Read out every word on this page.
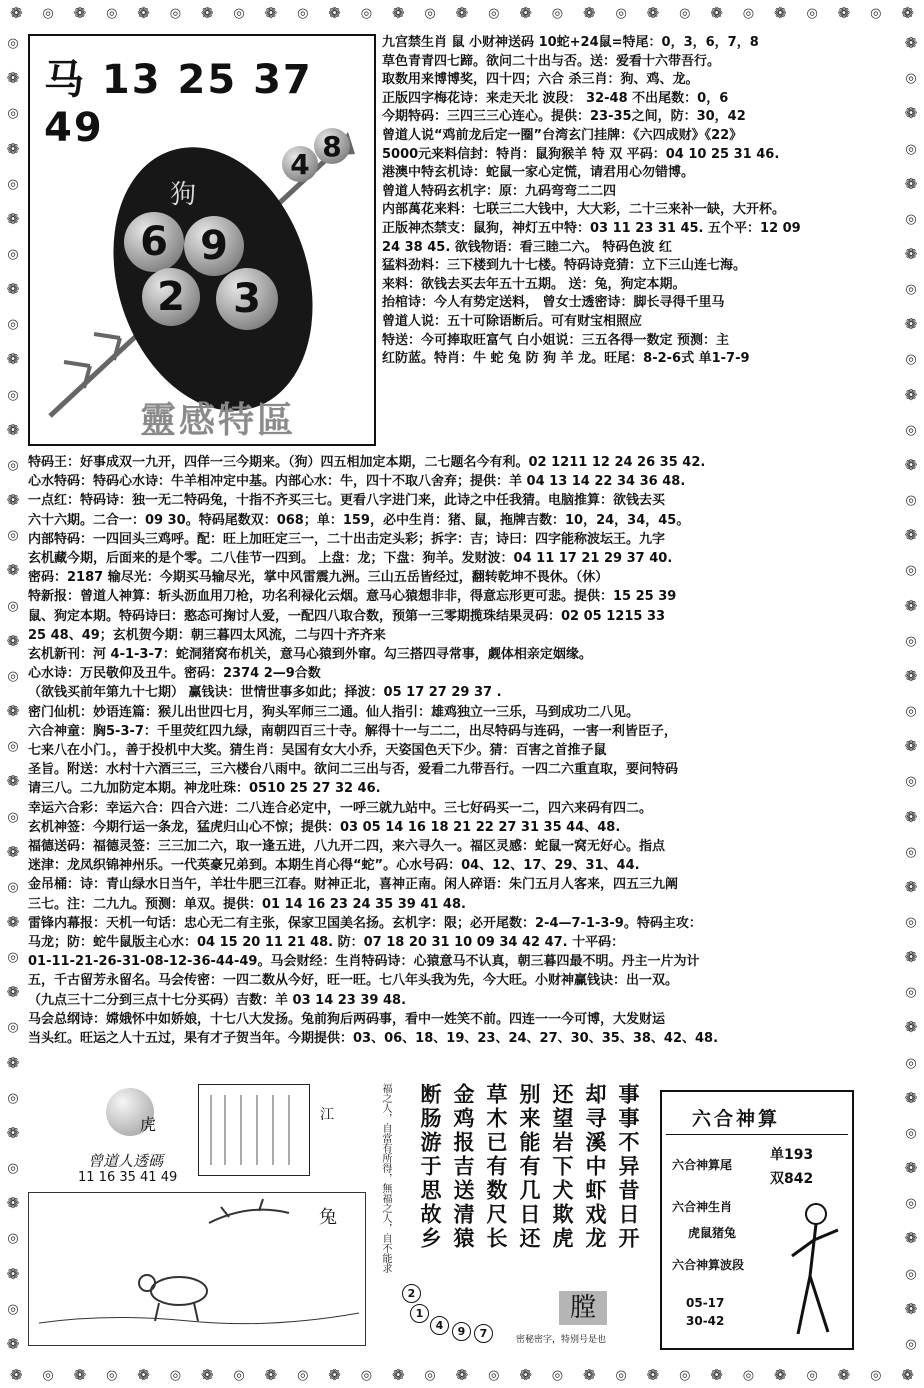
❁ ◎ ❁ ◎ ❁ ◎ ❁ ◎ ❁ ◎ ❁ ◎ ❁ ◎ ❁ ◎ ❁ ◎ ❁ ◎ ❁ ◎ ❁ ◎ ❁ ◎ ❁ ◎ ❁
❁ ◎ ❁ ◎ ❁ ◎ ❁ ◎ ❁ ◎ ❁ ◎ ❁ ◎ ❁ ◎ ❁ ◎ ❁ ◎ ❁ ◎ ❁ ◎ ❁ ◎ ❁ ◎ ❁
◎
❁
◎
❁
◎
❁
◎
❁
◎
❁
◎
❁
◎
❁
◎
❁
◎
❁
◎
❁
◎
❁
◎
❁
◎
❁
◎
❁
◎
❁
◎
❁
◎
❁
◎
❁
◎
❁
❁
◎
❁
◎
❁
◎
❁
◎
❁
◎
❁
◎
❁
◎
❁
◎
❁
◎
❁
◎
❁
◎
❁
◎
❁
◎
❁
◎
❁
◎
❁
◎
❁
◎
❁
◎
❁
◎
马 13 25 37 49
狗
6 9
2	3
4
8
靈感特區
九宫禁生肖 鼠 小财神送码 10蛇+24鼠=特尾：0，3，6，7，8
草色青青四七蹄。欲问二十出与否。送：爱看十六带吾行。
取数用来博博奖，四十四；六合 杀三肖：狗、鸡、龙。
正版四字梅花诗：来走天北 波段： 32-48 不出尾数：0，6
今期特码：三四三三心连心。提供：23-35之间，防：30，42
曾道人说“鸡前龙后定一圈”台湾玄门挂牌：《六四成财》《22》
5000元来料信封：特肖：鼠狗猴羊 特 双 平码：04 10 25 31 46.
港澳中特玄机诗：蛇鼠一家心定慌，请君用心勿错博。
曾道人特码玄机字：原：九码弯弯二二四
内部萬花来料：七联三二大钱中，大大彩，二十三来补一缺，大开杯。
正版神杰禁支：鼠狗，神灯五中特：03 11 23 31 45. 五个平：12 09
24 38 45. 欲钱物语：看三睦二六。 特码色波 红
猛料劲料：三下楼到九十七楼。特码诗竞猜：立下三山连七海。
来料：欲钱去买去年五十五期。 送：兔，狗定本期。
抬棺诗：今人有势定送料， 曾女士透密诗：脚长寻得千里马
曾道人说：五十可除语断后。可有财宝相照应
特送：今可捧取旺富气 白小姐说：三五各得一数定 预测：主
红防蓝。特肖：牛 蛇 兔 防 狗 羊 龙。旺尾：8-2-6式 单1-7-9
特码王：好事成双一九开，四佯一三今期来。（狗）四五相加定本期，二七题名今有利。02 1211 12 24 26 35 42.
心水特码：特码心水诗：牛羊相冲定中基。内部心水：牛，四十不取八舍弃；提供：羊 04 13 14 22 34 36 48.
一点红：特码诗：独一无二特码兔，十指不齐买三七。更看八字进门来，此诗之中任我猜。电脑推算：欲钱去买
六十六期。二合一：09 30。特码尾数双：068；单：159，必中生肖：猪、鼠，拖牌吉数：10，24，34，45。
内部特码：一四回头三鸡呼。配：旺上加旺定三一，二十出击定头彩；拆字：吉；诗曰：四字能称波坛王。九字
玄机藏今期，后面来的是个零。二八佳节一四到。 上盘：龙；下盘：狗羊。发财波：04 11 17 21 29 37 40.
密码：2187 输尽光：今期买马输尽光，掌中风雷震九洲。三山五岳皆经过，翻转乾坤不畏休。（休）
特新报：曾道人神算：斩头沥血用刀枪，功名利禄化云烟。意马心猿想非非，得意忘形更可悲。提供：15 25 39
鼠、狗定本期。特码诗曰：憨态可掬讨人爱，一配四八取合数，预第一三零期揽珠结果灵码：02 05 1215 33
25 48、49；玄机贺今期：朝三暮四太风流，二与四十齐齐来
玄机新刊：河 4-1-3-7：蛇洞猪窝布机关，意马心猿到外窜。勾三搭四寻常事，觑体相亲定姻缘。
心水诗：万民敬仰及丑牛。密码：2374 2—9合数
（欲钱买前年第九十七期） 赢钱诀：世情世事多如此；择波：05 17 27 29 37 .
密门仙机：妙语连篇：猴儿出世四七月，狗头军师三二通。仙人指引：雄鸡独立一三乐，马到成功二八见。
六合神童：胸5-3-7：千里荧红四九绿，南朝四百三十寺。解得十一与二二，出尽特码与连码，一害一利皆臣子，
七来八在小门。，善于投机中大奖。猜生肖：吴国有女大小乔，天姿国色天下少。猜：百害之首推子鼠
圣旨。附送：水村十六酒三三，三六楼台八雨中。欲问二三出与否，爱看二九带吾行。一四二六重直取，要问特码
请三八。二九加防定本期。神龙吐珠：0510 25 27 32 46.
幸运六合彩：幸运六合：四合六进：二八连合必定中，一呼三就九站中。三七好码买一二，四六来码有四二。
玄机神签：今期行运一条龙，猛虎归山心不惊；提供：03 05 14 16 18 21 22 27 31 35 44、48.
福德送码：福德灵签：三三加二六，取一逢五进，八九开二四，来六寻久一。福区灵感：蛇鼠一窝无好心。指点
迷津：龙凤织锦神州乐。一代英豪兄弟到。本期生肖心得“蛇”。心水号码：04、12、17、29、31、44.
金吊桶：诗：青山绿水日当午，羊壮牛肥三江春。财神正北，喜神正南。闲人碎语：朱门五月人客来，四五三九阐
三七。注：二九九。预测：单双。提供：01 14 16 23 24 35 39 41 48.
雷锋内幕报：天机一句话：忠心无二有主张，保家卫国美名扬。玄机字：限；必开尾数：2-4—7-1-3-9。特码主攻：
马龙；防：蛇牛鼠版主心水：04 15 20 11 21 48. 防：07 18 20 31 10 09 34 42 47. 十平码：
01-11-21-26-31-08-12-36-44-49。马会财经：生肖特码诗：心猿意马不认真，朝三暮四最不明。丹主一片为计
五，千古留芳永留名。马会传密：一四二数从今好，旺一旺。七八年头我为先，今大旺。小财神赢钱诀：出一双。
（九点三十二分到三点十七分买码）吉数：羊 03 14 23 39 48.
马会总纲诗：嫦娥怀中如娇娘，十七八大发扬。兔前狗后两码事，看中一姓笑不前。四连一一今可博，大发财运
当头红。旺运之人十五过，果有才子贺当年。今期提供：03、06、18、19、23、24、27、30、35、38、42、48.
虎
曾道人透碼
11 16 35 41 49
江
兔	福之人，自當有所得，無福之人，自不能求	事事不异昔日开
却寻溪中虾戏龙
还望岩下犬欺虎
别来能有几日还
草木已有数尺长
金鸡报吉送清猿
断肠游于思故乡
2
1
4	9	7
膛
密秘密字，特别号是也
六合神算
六合神算尾
单193
双842
六合神生肖
虎鼠猪兔
六合神算波段
05-17
30-42
